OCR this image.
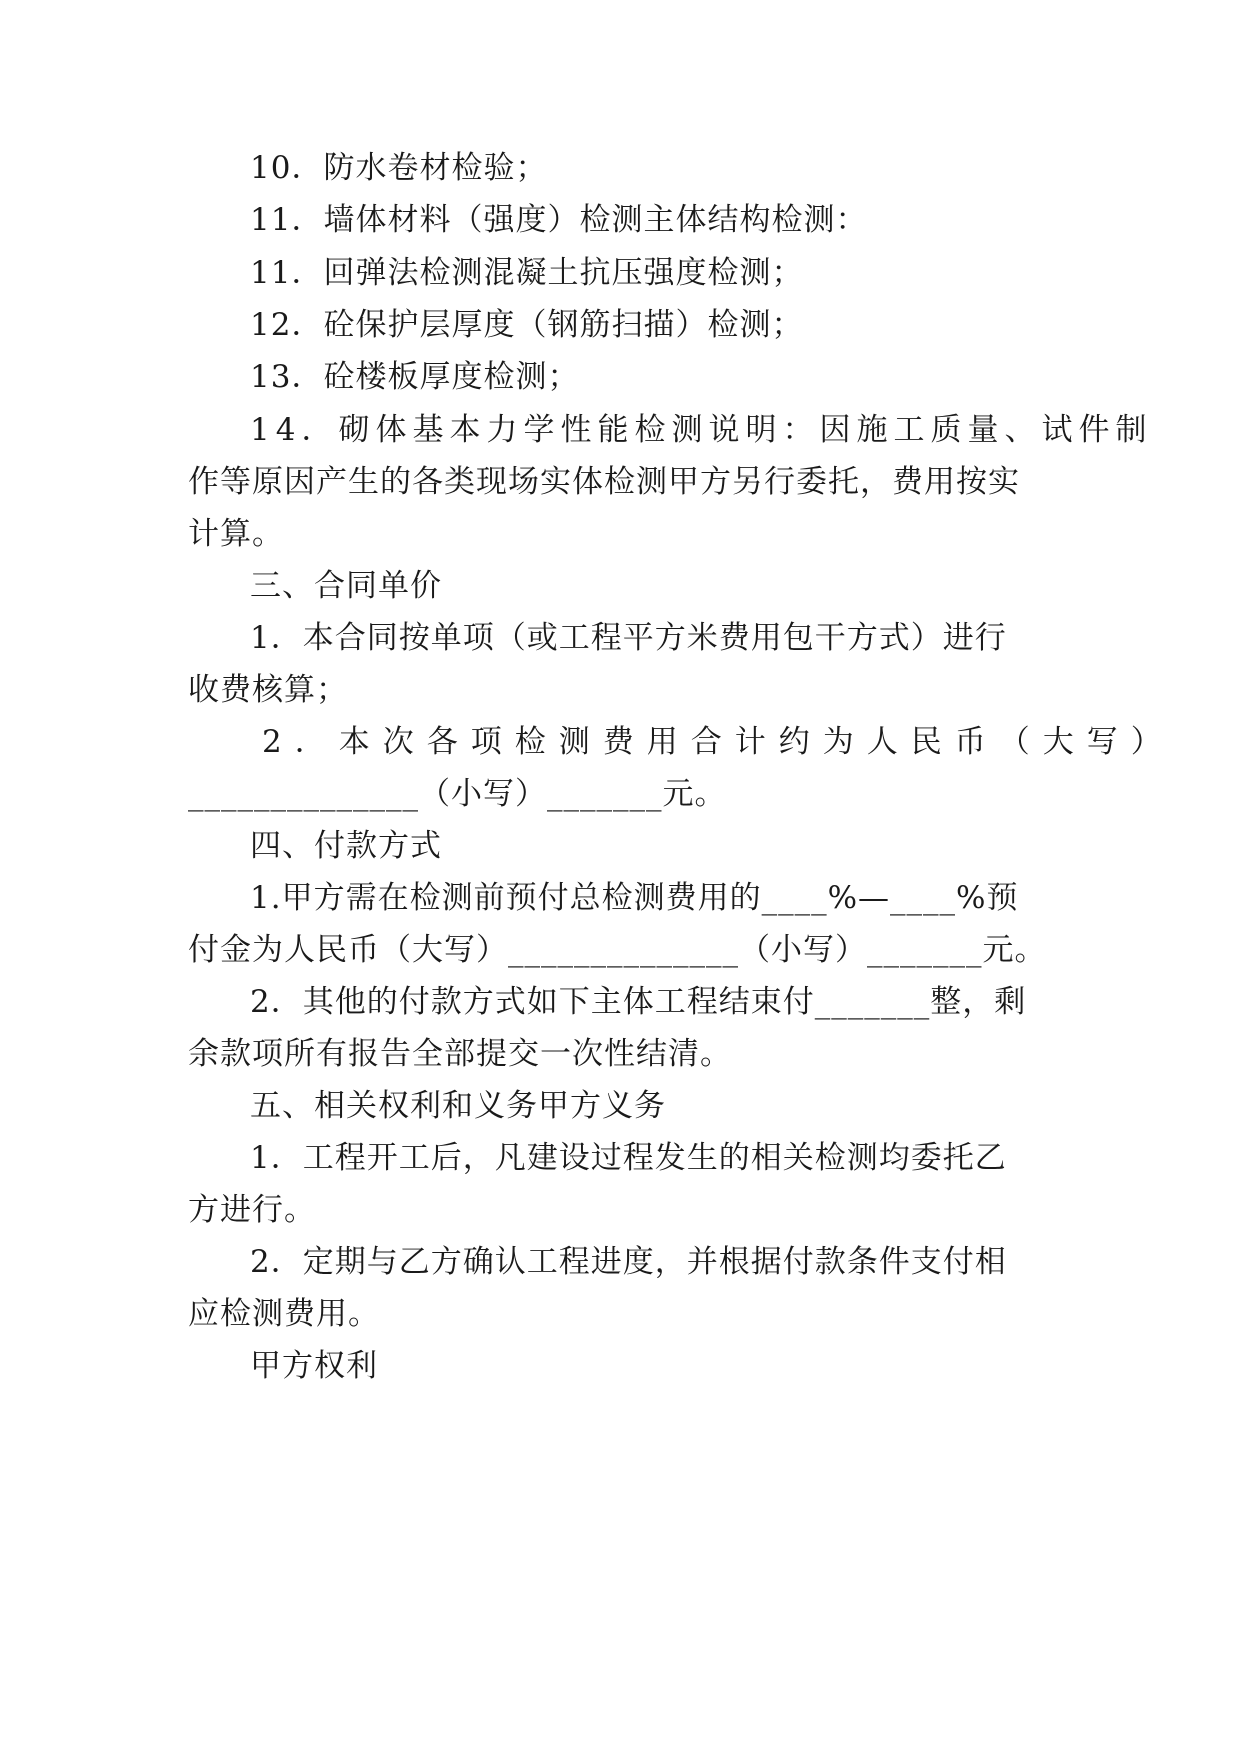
10．防水卷材检验；
11．墙体材料（强度）检测主体结构检测：
11．回弹法检测混凝土抗压强度检测；
12．砼保护层厚度（钢筋扫描）检测；
13．砼楼板厚度检测；
14．砌体基本力学性能检测说明：因施工质量、试件制
作等原因产生的各类现场实体检测甲方另行委托，费用按实
计算。
三、合同单价
1．本合同按单项（或工程平方米费用包干方式）进行
收费核算；
2．本次各项检测费用合计约为人民币（大写）
______________（小写）_______元。
四、付款方式
1.甲方需在检测前预付总检测费用的____%—____%预
付金为人民币（大写）______________（小写）_______元。
2．其他的付款方式如下主体工程结束付_______整，剩
余款项所有报告全部提交一次性结清。
五、相关权利和义务甲方义务
1．工程开工后，凡建设过程发生的相关检测均委托乙
方进行。
2．定期与乙方确认工程进度，并根据付款条件支付相
应检测费用。
甲方权利
